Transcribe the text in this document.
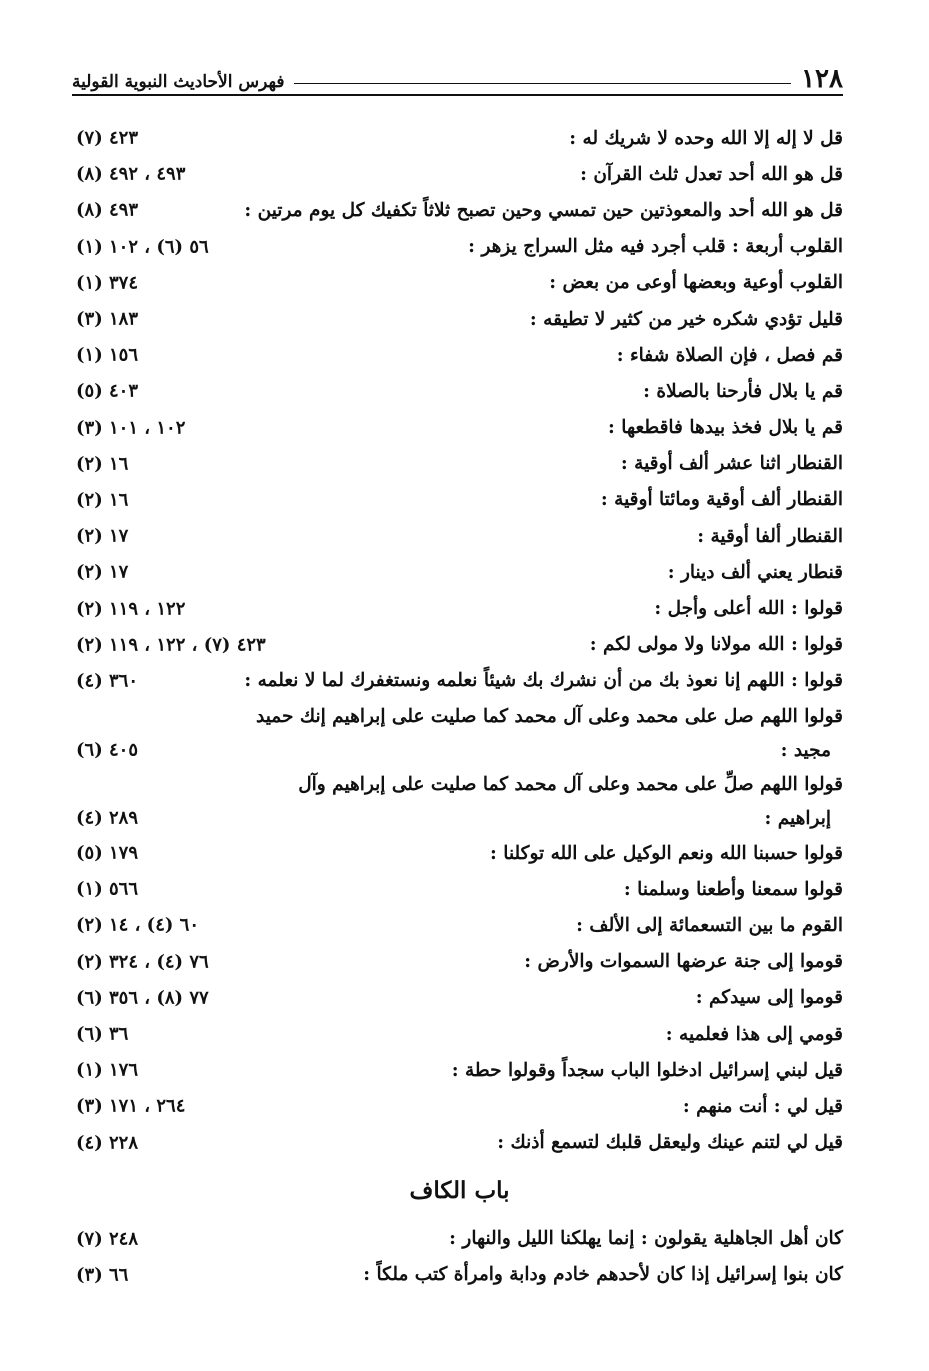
١٢٨
فهرس الأحاديث النبوية القولية
قل لا إله إلا الله وحده لا شريك له :
٤٢٣ (٧)
قل هو الله أحد تعدل ثلث القرآن :
٤٩٣ ، ٤٩٢ (٨)
قل هو الله أحد والمعوذتين حين تمسي وحين تصبح ثلاثاً تكفيك كل يوم مرتين :
٤٩٣ (٨)
القلوب أربعة : قلب أجرد فيه مثل السراج يزهر :
٥٦ (٦) ، ١٠٢ (١)
القلوب أوعية وبعضها أوعى من بعض :
٣٧٤ (١)
قليل تؤدي شكره خير من كثير لا تطيقه :
١٨٣ (٣)
قم فصل ، فإن الصلاة شفاء :
١٥٦ (١)
قم يا بلال فأرحنا بالصلاة :
٤٠٣ (٥)
قم يا بلال فخذ بيدها فاقطعها :
١٠٢ ، ١٠١ (٣)
القنطار اثنا عشر ألف أوقية :
١٦ (٢)
القنطار ألف أوقية ومائتا أوقية :
١٦ (٢)
القنطار ألفا أوقية :
١٧ (٢)
قنطار يعني ألف دينار :
١٧ (٢)
قولوا : الله أعلى وأجل :
١٢٢ ، ١١٩ (٢)
قولوا : الله مولانا ولا مولى لكم :
٤٢٣ (٧) ، ١٢٢ ، ١١٩ (٢)
قولوا : اللهم إنا نعوذ بك من أن نشرك بك شيئاً نعلمه ونستغفرك لما لا نعلمه :
٣٦٠ (٤)
قولوا اللهم صل على محمد وعلى آل محمد كما صليت على إبراهيم إنك حميد
مجيد :
٤٠٥ (٦)
قولوا اللهم صلِّ على محمد وعلى آل محمد كما صليت على إبراهيم وآل
إبراهيم :
٢٨٩ (٤)
قولوا حسبنا الله ونعم الوكيل على الله توكلنا :
١٧٩ (٥)
قولوا سمعنا وأطعنا وسلمنا :
٥٦٦ (١)
القوم ما بين التسعمائة إلى الألف :
٦٠ (٤) ، ١٤ (٢)
قوموا إلى جنة عرضها السموات والأرض :
٧٦ (٤) ، ٣٢٤ (٢)
قوموا إلى سيدكم :
٧٧ (٨) ، ٣٥٦ (٦)
قومي إلى هذا فعلميه :
٣٦ (٦)
قيل لبني إسرائيل ادخلوا الباب سجداً وقولوا حطة :
١٧٦ (١)
قيل لي : أنت منهم :
٢٦٤ ، ١٧١ (٣)
قيل لي لتنم عينك وليعقل قلبك لتسمع أذنك :
٢٢٨ (٤)
باب الكاف
كان أهل الجاهلية يقولون : إنما يهلكنا الليل والنهار :
٢٤٨ (٧)
كان بنوا إسرائيل إذا كان لأحدهم خادم ودابة وامرأة كتب ملكاً :
٦٦ (٣)
